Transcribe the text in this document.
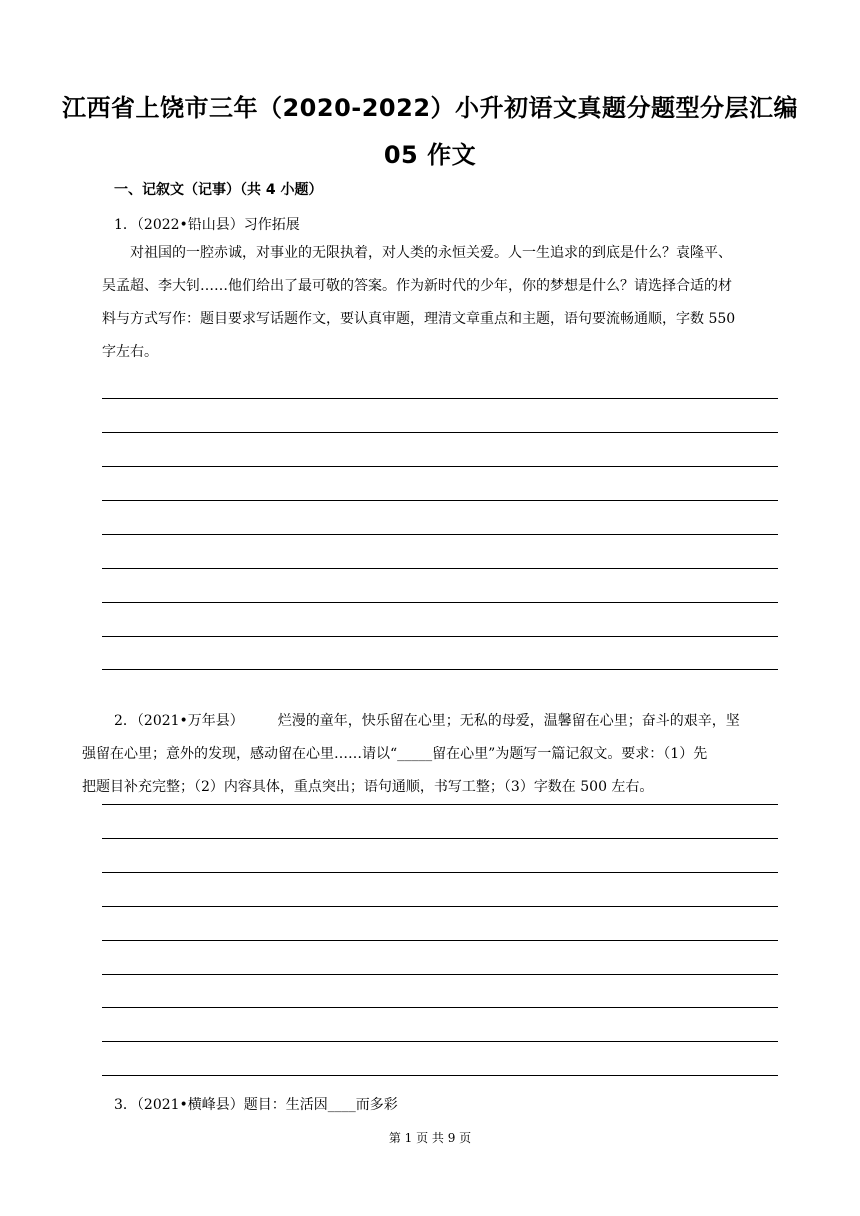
江西省上饶市三年（2020-2022）小升初语文真题分题型分层汇编
05 作文
一、记叙文（记事）（共 4 小题）
1．（2022•铅山县）习作拓展
对祖国的一腔赤诚，对事业的无限执着，对人类的永恒关爱。人一生追求的到底是什么？袁隆平、
吴孟超、李大钊……他们给出了最可敬的答案。作为新时代的少年，你的梦想是什么？请选择合适的材
料与方式写作：题目要求写话题作文，要认真审题，理清文章重点和主题，语句要流畅通顺，字数 550
字左右。
2．（2021•万年县） 烂漫的童年，快乐留在心里；无私的母爱，温馨留在心里；奋斗的艰辛，坚
强留在心里；意外的发现，感动留在心里……请以“_____留在心里”为题写一篇记叙文。要求：（1）先
把题目补充完整；（2）内容具体，重点突出；语句通顺，书写工整；（3）字数在 500 左右。
3．（2021•横峰县）题目：生活因____而多彩
第 1 页 共 9 页
